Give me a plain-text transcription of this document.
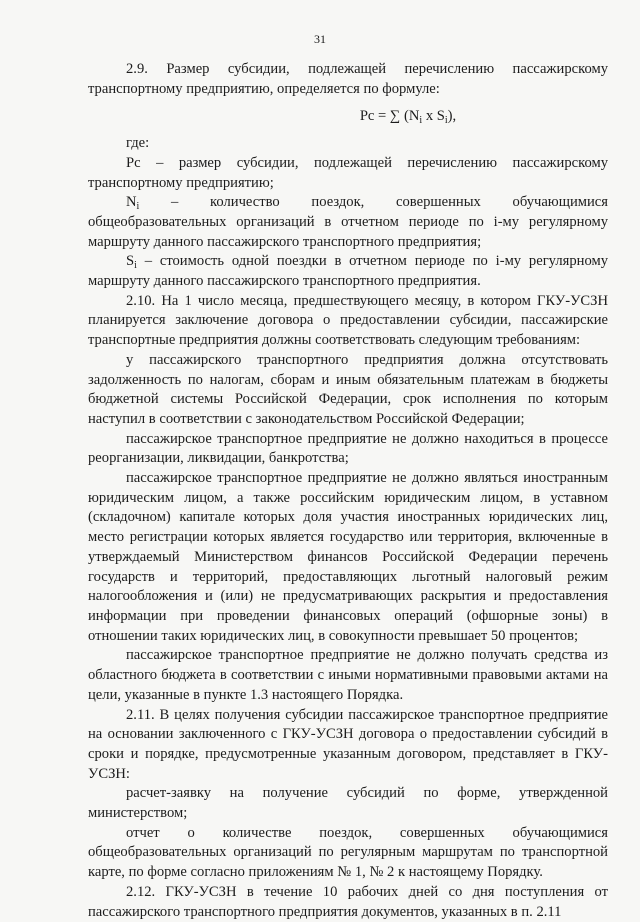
31

2.9. Размер субсидии, подлежащей перечислению пассажирскому транспортному предприятию, определяется по формуле:

Рс = ∑ ($N_i$ x $S_i$),

где:

Рс – размер субсидии, подлежащей перечислению пассажирскому транспортному предприятию;

$N_i$ – количество поездок, совершенных обучающимися общеобразовательных организаций в отчетном периоде по i-му регулярному маршруту данного пассажирского транспортного предприятия;

$S_i$ – стоимость одной поездки в отчетном периоде по i-му регулярному маршруту данного пассажирского транспортного предприятия.

2.10. На 1 число месяца, предшествующего месяцу, в котором ГКУ-УСЗН планируется заключение договора о предоставлении субсидии, пассажирские транспортные предприятия должны соответствовать следующим требованиям:

у пассажирского транспортного предприятия должна отсутствовать задолженность по налогам, сборам и иным обязательным платежам в бюджеты бюджетной системы Российской Федерации, срок исполнения по которым наступил в соответствии с законодательством Российской Федерации;

пассажирское транспортное предприятие не должно находиться в процессе реорганизации, ликвидации, банкротства;

пассажирское транспортное предприятие не должно являться иностранным юридическим лицом, а также российским юридическим лицом, в уставном (складочном) капитале которых доля участия иностранных юридических лиц, место регистрации которых является государство или территория, включенные в утверждаемый Министерством финансов Российской Федерации перечень государств и территорий, предоставляющих льготный налоговый режим налогообложения и (или) не предусматривающих раскрытия и предоставления информации при проведении финансовых операций (офшорные зоны) в отношении таких юридических лиц, в совокупности превышает 50 процентов;

пассажирское транспортное предприятие не должно получать средства из областного бюджета в соответствии с иными нормативными правовыми актами на цели, указанные в пункте 1.3 настоящего Порядка.

2.11. В целях получения субсидии пассажирское транспортное предприятие на основании заключенного с ГКУ-УСЗН договора о предоставлении субсидий в сроки и порядке, предусмотренные указанным договором, представляет в ГКУ-УСЗН:

расчет-заявку на получение субсидий по форме, утвержденной министерством;

отчет о количестве поездок, совершенных обучающимися общеобразовательных организаций по регулярным маршрутам по транспортной карте, по форме согласно приложениям № 1, № 2 к настоящему Порядку.

2.12. ГКУ-УСЗН в течение 10 рабочих дней со дня поступления от пассажирского транспортного предприятия документов, указанных в п. 2.11
